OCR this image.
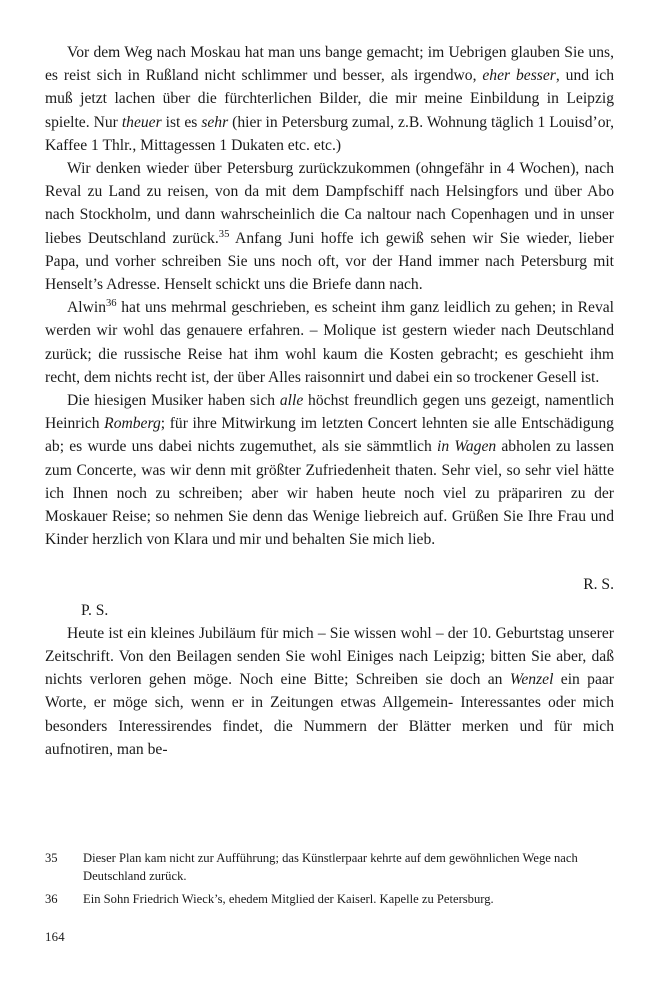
Vor dem Weg nach Moskau hat man uns bange gemacht; im Uebrigen glauben Sie uns, es reist sich in Rußland nicht schlimmer und besser, als irgendwo, eher besser, und ich muß jetzt lachen über die fürchterlichen Bilder, die mir meine Einbildung in Leipzig spielte. Nur theuer ist es sehr (hier in Petersburg zumal, z.B. Wohnung täglich 1 Louisd’or, Kaffee 1 Thlr., Mittagessen 1 Dukaten etc. etc.)

Wir denken wieder über Petersburg zurückzukommen (ohngefähr in 4 Wochen), nach Reval zu Land zu reisen, von da mit dem Dampfschiff nach Helsingfors und über Abo nach Stockholm, und dann wahrscheinlich die Ca naltour nach Copenhagen und in unser liebes Deutschland zurück.$^{35}$ Anfang Juni hoffe ich gewiß sehen wir Sie wieder, lieber Papa, und vorher schreiben Sie uns noch oft, vor der Hand immer nach Petersburg mit Henselt’s Adresse. Henselt schickt uns die Briefe dann nach.

Alwin$^{36}$ hat uns mehrmal geschrieben, es scheint ihm ganz leidlich zu gehen; in Reval werden wir wohl das genauere erfahren. – Molique ist gestern wieder nach Deutschland zurück; die russische Reise hat ihm wohl kaum die Kosten gebracht; es geschieht ihm recht, dem nichts recht ist, der über Alles raisonnirt und dabei ein so trockener Gesell ist.

Die hiesigen Musiker haben sich alle höchst freundlich gegen uns gezeigt, namentlich Heinrich Romberg; für ihre Mitwirkung im letzten Concert lehnten sie alle Entschädigung ab; es wurde uns dabei nichts zugemuthet, als sie sämmtlich in Wagen abholen zu lassen zum Concerte, was wir denn mit größter Zufriedenheit thaten. Sehr viel, so sehr viel hätte ich Ihnen noch zu schreiben; aber wir haben heute noch viel zu präpariren zu der Moskauer Reise; so nehmen Sie denn das Wenige liebreich auf. Grüßen Sie Ihre Frau und Kinder herzlich von Klara und mir und behalten Sie mich lieb.

R. S.

P. S.

Heute ist ein kleines Jubiläum für mich – Sie wissen wohl – der 10. Geburtstag unserer Zeitschrift. Von den Beilagen senden Sie wohl Einiges nach Leipzig; bitten Sie aber, daß nichts verloren gehen möge. Noch eine Bitte; Schreiben sie doch an Wenzel ein paar Worte, er möge sich, wenn er in Zeitungen etwas Allgemein- Interessantes oder mich besonders Interessirendes findet, die Nummern der Blätter merken und für mich aufnotiren, man be-

35	Dieser Plan kam nicht zur Aufführung; das Künstlerpaar kehrte auf dem gewöhnlichen Wege nach Deutschland zurück.
36	Ein Sohn Friedrich Wieck’s, ehedem Mitglied der Kaiserl. Kapelle zu Petersburg.
164
